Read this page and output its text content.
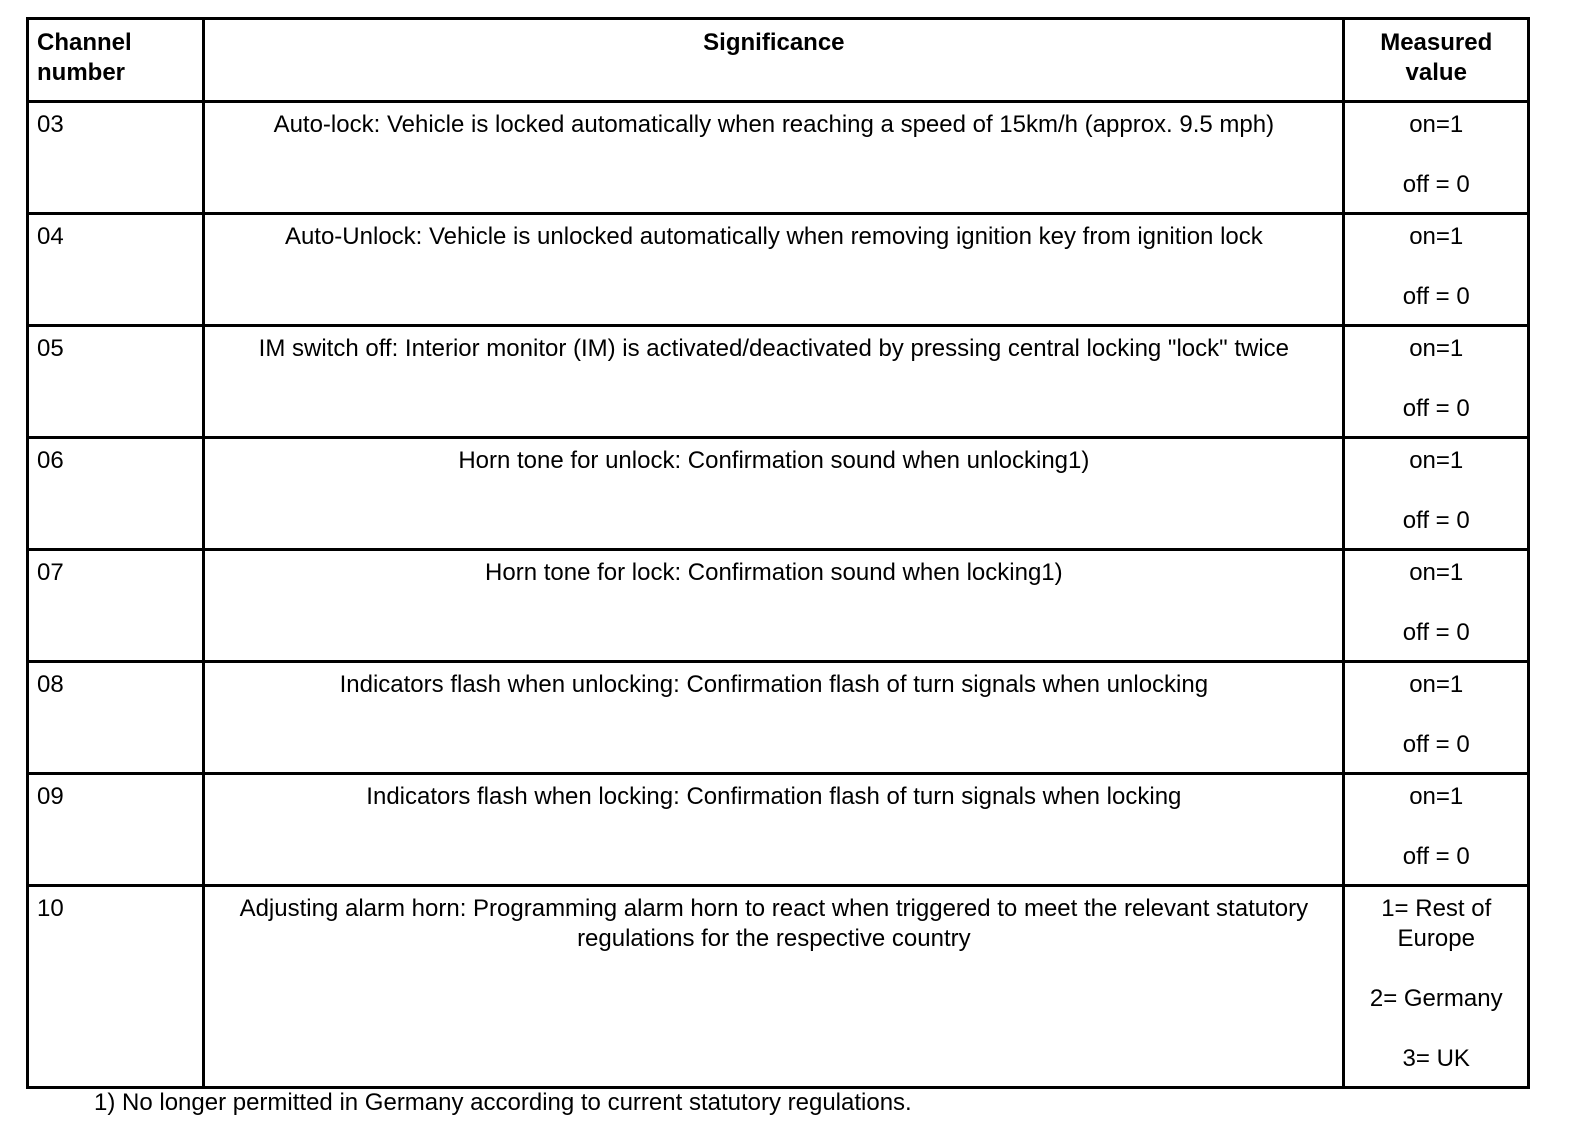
Channel number	Significance	Measured value
03	Auto-lock: Vehicle is locked automatically when reaching a speed of 15km/h (approx. 9.5 mph)	on=1
off = 0

04	Auto-Unlock: Vehicle is unlocked automatically when removing ignition key from ignition lock	on=1
off = 0

05	IM switch off: Interior monitor (IM) is activated/deactivated by pressing central locking "lock" twice	on=1
off = 0

06	Horn tone for unlock: Confirmation sound when unlocking1)	on=1
off = 0

07	Horn tone for lock: Confirmation sound when locking1)	on=1
off = 0

08	Indicators flash when unlocking: Confirmation flash of turn signals when unlocking	on=1
off = 0

09	Indicators flash when locking: Confirmation flash of turn signals when locking	on=1
off = 0

10	Adjusting alarm horn: Programming alarm horn to react when triggered to meet the relevant statutory regulations for the respective country	1= Rest of Europe
2= Germany
3= UK
1) No longer permitted in Germany according to current statutory regulations.
